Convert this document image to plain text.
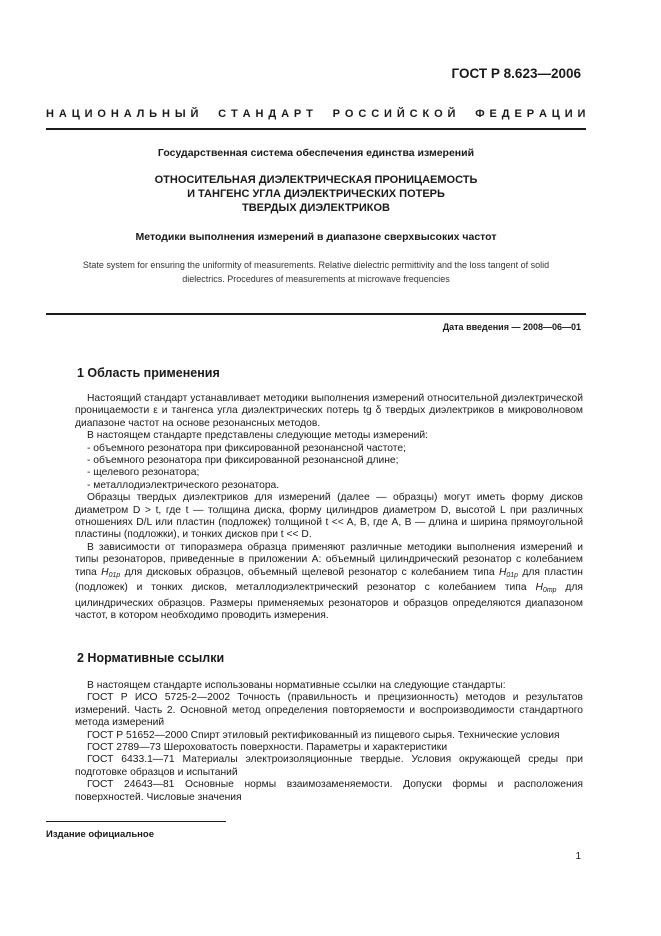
ГОСТ Р 8.623—2006
Н А Ц И О Н А Л Ь Н Ы Й
С Т А Н Д А Р Т
Р О С С И Й С К О Й
Ф Е Д Е Р А Ц И И
Государственная система обеспечения единства измерений
ОТНОСИТЕЛЬНАЯ ДИЭЛЕКТРИЧЕСКАЯ ПРОНИЦАЕМОСТЬ
И ТАНГЕНС УГЛА ДИЭЛЕКТРИЧЕСКИХ ПОТЕРЬ
ТВЕРДЫХ ДИЭЛЕКТРИКОВ
Методики выполнения измерений в диапазоне сверхвысоких частот
State system for ensuring the uniformity of measurements. Relative dielectric permittivity and the loss tangent of solid
dielectrics. Procedures of measurements at microwave frequencies
Дата введения — 2008—06—01
1 Область применения

Настоящий стандарт устанавливает методики выполнения измерений относительной диэлектрической проницаемости ε и тангенса угла диэлектрических потерь tg δ твердых диэлектриков в микроволновом диапазоне частот на основе резонансных методов.

В настоящем стандарте представлены следующие методы измерений:

- объемного резонатора при фиксированной резонансной частоте;

- объемного резонатора при фиксированной резонансной длине;

- щелевого резонатора;

- металлодиэлектрического резонатора.

Образцы твердых диэлектриков для измерений (далее — образцы) могут иметь форму дисков диаметром D > t, где t — толщина диска, форму цилиндров диаметром D, высотой L при различных отношениях D/L или пластин (подложек) толщиной t << A, B, где A, B — длина и ширина прямоугольной пластины (подложки), и тонких дисков при t << D.

В зависимости от типоразмера образца применяют различные методики выполнения измерений и типы резонаторов, приведенные в приложении А: объемный цилиндрический резонатор с колебанием типа $H_{01p}$ для дисковых образцов, объемный щелевой резонатор с колебанием типа $H_{01p}$ для пластин (подложек) и тонких дисков, металлодиэлектрический резонатор с колебанием типа $H_{0mp}$ для цилиндрических образцов. Размеры применяемых резонаторов и образцов определяются диапазоном частот, в котором необходимо проводить измерения.

2 Нормативные ссылки

В настоящем стандарте использованы нормативные ссылки на следующие стандарты:

ГОСТ Р ИСО 5725-2—2002 Точность (правильность и прецизионность) методов и результатов измерений. Часть 2. Основной метод определения повторяемости и воспроизводимости стандартного метода измерений

ГОСТ Р 51652—2000 Спирт этиловый ректификованный из пищевого сырья. Технические условия

ГОСТ 2789—73 Шероховатость поверхности. Параметры и характеристики

ГОСТ 6433.1—71 Материалы электроизоляционные твердые. Условия окружающей среды при подготовке образцов и испытаний

ГОСТ 24643—81 Основные нормы взаимозаменяемости. Допуски формы и расположения поверхностей. Числовые значения

Издание официальное
1
